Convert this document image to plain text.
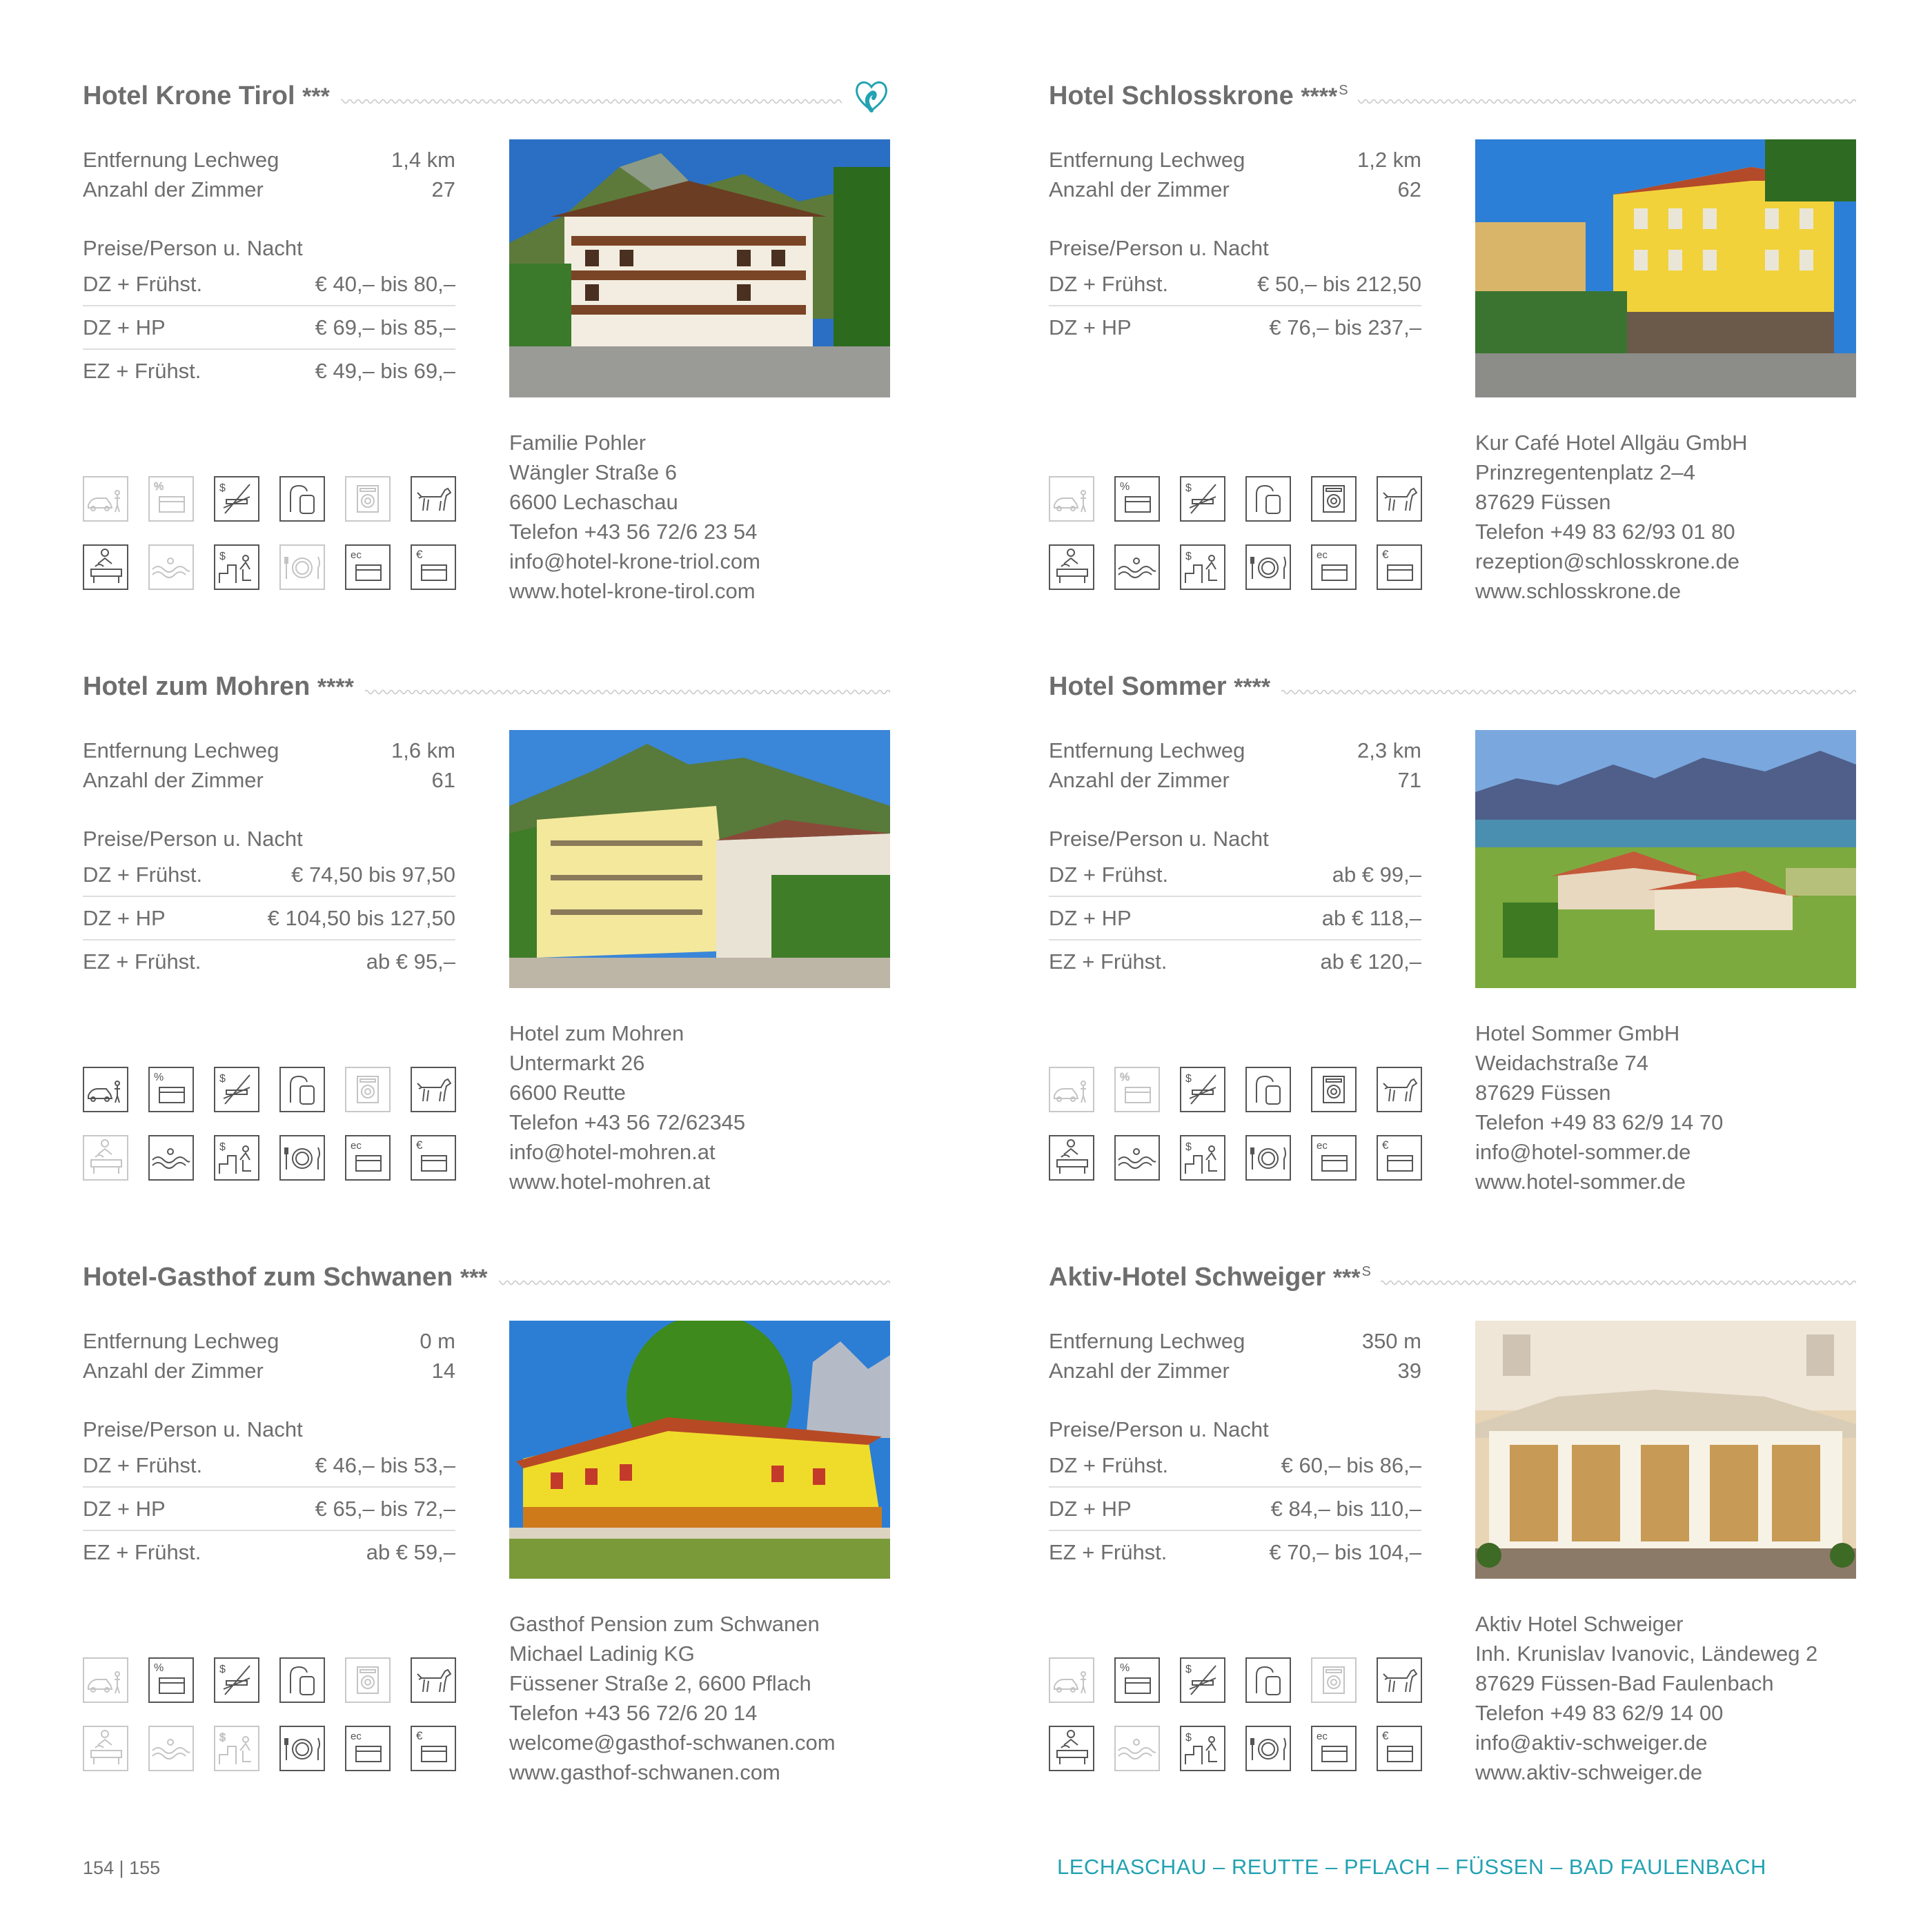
Hotel Krone Tirol ***
Entfernung Lechweg	1,4 km
Anzahl der Zimmer	27
Preise/Person u. Nacht
DZ + Frühst.	€ 40,– bis 80,–
DZ + HP	€ 69,– bis 85,–
EZ + Frühst.	€ 49,– bis 69,–
Familie Pohler
Wängler Straße 6
6600 Lechaschau
Telefon +43 56 72/6 23 54
info@hotel-krone-triol.com
www.hotel-krone-tirol.com
%	$
$	ec	€
Hotel Schlosskrone **** $^S$
Entfernung Lechweg	1,2 km
Anzahl der Zimmer	62
Preise/Person u. Nacht
DZ + Frühst.	€ 50,– bis 212,50
DZ + HP	€ 76,– bis 237,–
Kur Café Hotel Allgäu GmbH
Prinzregentenplatz 2–4
87629 Füssen
Telefon +49 83 62/93 01 80
rezeption@schlosskrone.de
www.schlosskrone.de
%	$
$	ec	€
Hotel zum Mohren ****
Entfernung Lechweg	1,6 km
Anzahl der Zimmer	61
Preise/Person u. Nacht
DZ + Frühst.	€ 74,50 bis 97,50
DZ + HP	€ 104,50 bis 127,50
EZ + Frühst.	ab € 95,–
Hotel zum Mohren
Untermarkt 26
6600 Reutte
Telefon +43 56 72/62345
info@hotel-mohren.at
www.hotel-mohren.at
%	$
$	ec	€
Hotel Sommer ****
Entfernung Lechweg	2,3 km
Anzahl der Zimmer	71
Preise/Person u. Nacht
DZ + Frühst.	ab € 99,–
DZ + HP	ab € 118,–
EZ + Frühst.	ab € 120,–
Hotel Sommer GmbH
Weidachstraße 74
87629 Füssen
Telefon +49 83 62/9 14 70
info@hotel-sommer.de
www.hotel-sommer.de
%	$
$	ec	€
Hotel-Gasthof zum Schwanen ***
Entfernung Lechweg	0 m
Anzahl der Zimmer	14
Preise/Person u. Nacht
DZ + Frühst.	€ 46,– bis 53,–
DZ + HP	€ 65,– bis 72,–
EZ + Frühst.	ab € 59,–
Gasthof Pension zum Schwanen
Michael Ladinig KG
Füssener Straße 2, 6600 Pflach
Telefon +43 56 72/6 20 14
welcome@gasthof-schwanen.com
www.gasthof-schwanen.com
%	$
$	ec	€
Aktiv-Hotel Schweiger *** $^S$
Entfernung Lechweg	350 m
Anzahl der Zimmer	39
Preise/Person u. Nacht
DZ + Frühst.	€ 60,– bis 86,–
DZ + HP	€ 84,– bis 110,–
EZ + Frühst.	€ 70,– bis 104,–
Aktiv Hotel Schweiger
Inh. Krunislav Ivanovic, Ländeweg 2
87629 Füssen-Bad Faulenbach
Telefon +49 83 62/9 14 00
info@aktiv-schweiger.de
www.aktiv-schweiger.de
%	$
$	ec	€
154 | 155	LECHASCHAU – REUTTE – PFLACH – FÜSSEN – BAD FAULENBACH
